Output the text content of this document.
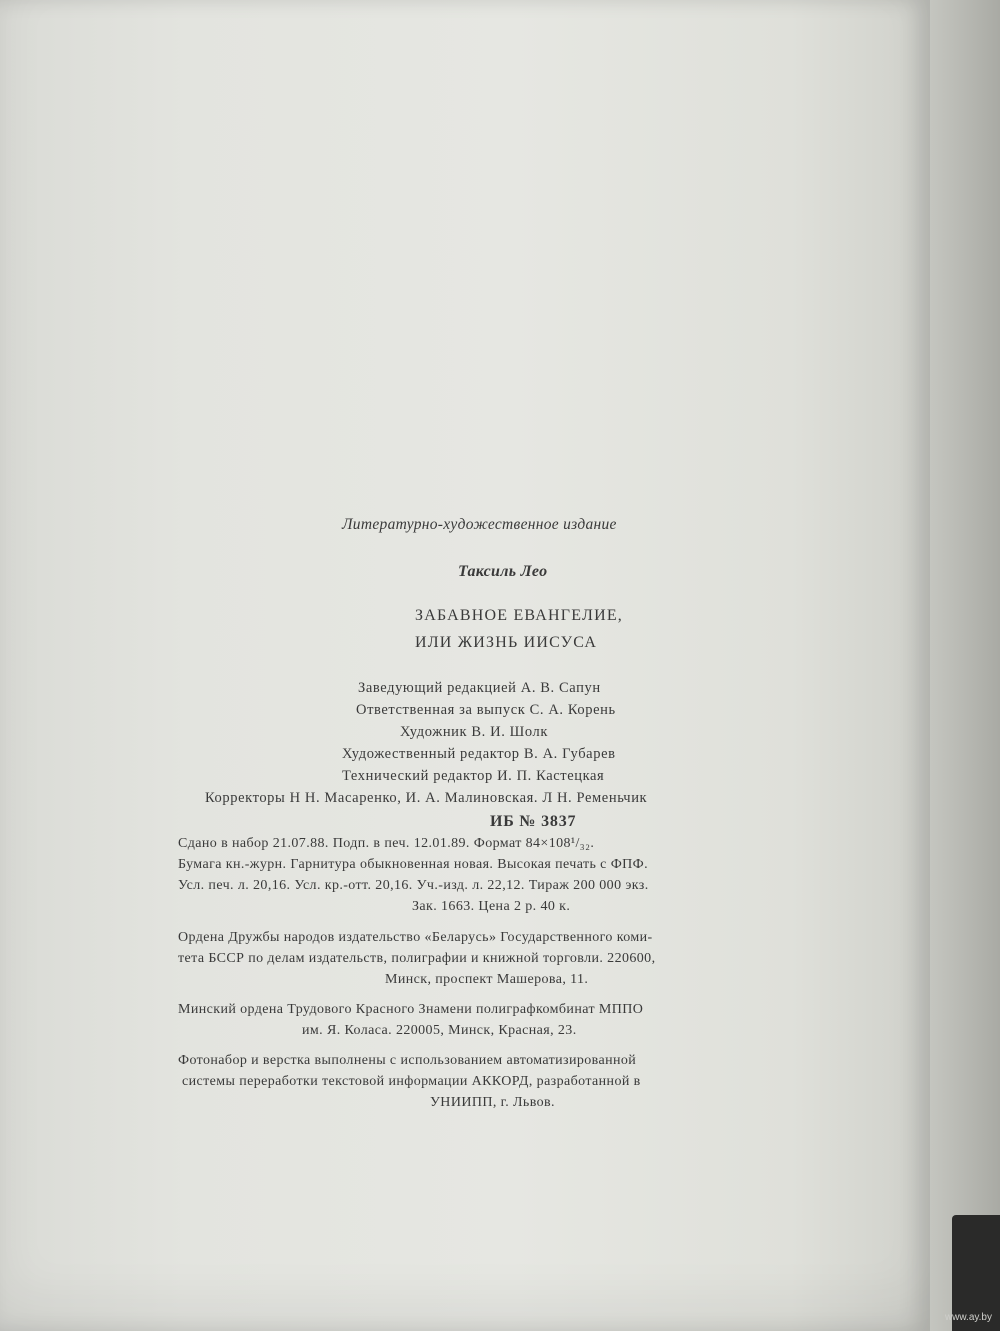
Литературно-художественное издание
Таксиль Лео
ЗАБАВНОЕ ЕВАНГЕЛИЕ,
ИЛИ ЖИЗНЬ ИИСУСА
Заведующий редакцией А. В. Сапун
Ответственная за выпуск С. А. Корень
Художник В. И. Шолк
Художественный редактор В. А. Губарев
Технический редактор И. П. Кастецкая
Корректоры Н Н. Масаренко, И. А. Малиновская. Л Н. Ременьчик
ИБ № 3837
Сдано в набор 21.07.88. Подп. в печ. 12.01.89. Формат 84×108¹/₃₂.
Бумага кн.-журн. Гарнитура обыкновенная новая. Высокая печать с ФПФ.
Усл. печ. л. 20,16. Усл. кр.-отт. 20,16. Уч.-изд. л. 22,12. Тираж 200 000 экз.
Зак. 1663. Цена 2 р. 40 к.
Ордена Дружбы народов издательство «Беларусь» Государственного коми-
тета БССР по делам издательств, полиграфии и книжной торговли. 220600,
Минск, проспект Машерова, 11.
Минский ордена Трудового Красного Знамени полиграфкомбинат МППО
им. Я. Коласа. 220005, Минск, Красная, 23.
Фотонабор и верстка выполнены с использованием автоматизированной
системы переработки текстовой информации АККОРД, разработанной в
УНИИПП, г. Львов.
www.ay.by
